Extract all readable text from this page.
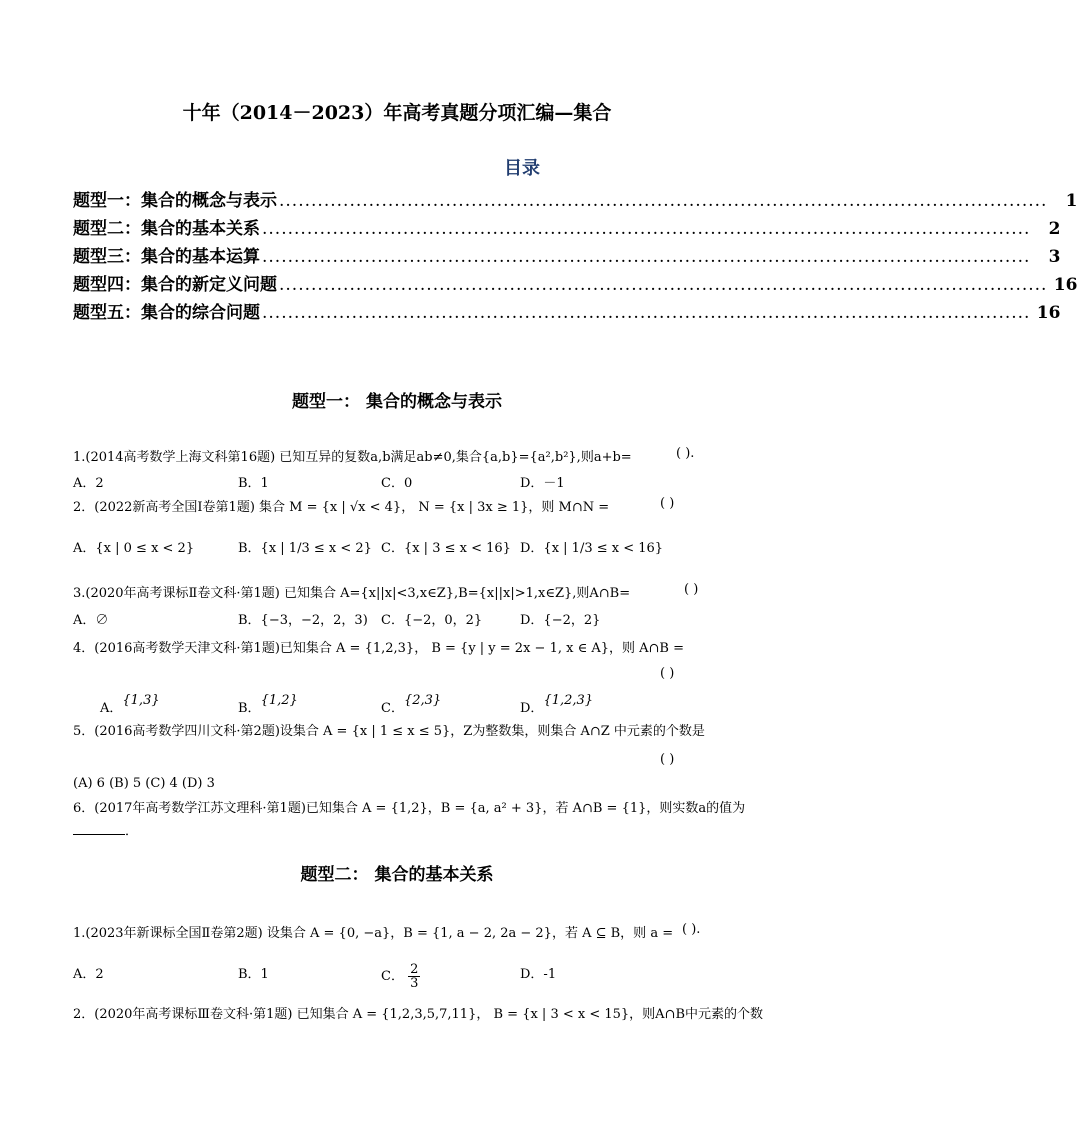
十年（2014－2023）年高考真题分项汇编—集合
目录
题型一： 集合的概念与表示 ........................................................................................................................	1
题型二： 集合的基本关系 ........................................................................................................................	2
题型三： 集合的基本运算 ........................................................................................................................	3
题型四： 集合的新定义问题 ........................................................................................................................ 16
题型五： 集合的综合问题 ........................................................................................................................ 16
题型一： 集合的概念与表示
1.(2014高考数学上海文科第16题) 已知互异的复数a,b满足ab≠0,集合{a,b}={a²,b²},则a+b=	( ).
A．2	B．1	C．0	D．－1
2．(2022新高考全国I卷第1题) 集合 M = {x | √x < 4}， N = {x | 3x ≥ 1}，则 M∩N =	( )
A．{x | 0 ≤ x < 2}	B．{x | 1/3 ≤ x < 2} C．{x | 3 ≤ x < 16} D．{x | 1/3 ≤ x < 16}
3.(2020年高考课标Ⅱ卷文科·第1题) 已知集合 A={x||x|<3,x∈Z},B={x||x|>1,x∈Z},则A∩B=	( )
A．∅	B．{−3，−2，2，3) C．{−2，0，2}	D．{−2，2}
4．(2016高考数学天津文科·第1题)已知集合 A = {1,2,3}， B = {y | y = 2x − 1, x ∈ A}，则 A∩B =
( )
A．{1,3}
B．{1,2}
C．{2,3}
D．{1,2,3}
5．(2016高考数学四川文科·第2题)设集合 A = {x | 1 ≤ x ≤ 5}，Z为整数集，则集合 A∩Z 中元素的个数是
( )
(A) 6 (B) 5 (C) 4 (D) 3
6．(2017年高考数学江苏文理科·第1题)已知集合 A = {1,2}，B = {a, a² + 3}，若 A∩B = {1}，则实数a的值为
．
题型二： 集合的基本关系
1.(2023年新课标全国Ⅱ卷第2题) 设集合 A = {0, −a}，B = {1, a − 2, 2a − 2}，若 A ⊆ B，则 a = ( ).
A．2	B．1	C． $\frac{2}{3}$	D．-1
2．(2020年高考课标Ⅲ卷文科·第1题) 已知集合 A = {1,2,3,5,7,11}， B = {x | 3 < x < 15}，则A∩B中元素的个数
